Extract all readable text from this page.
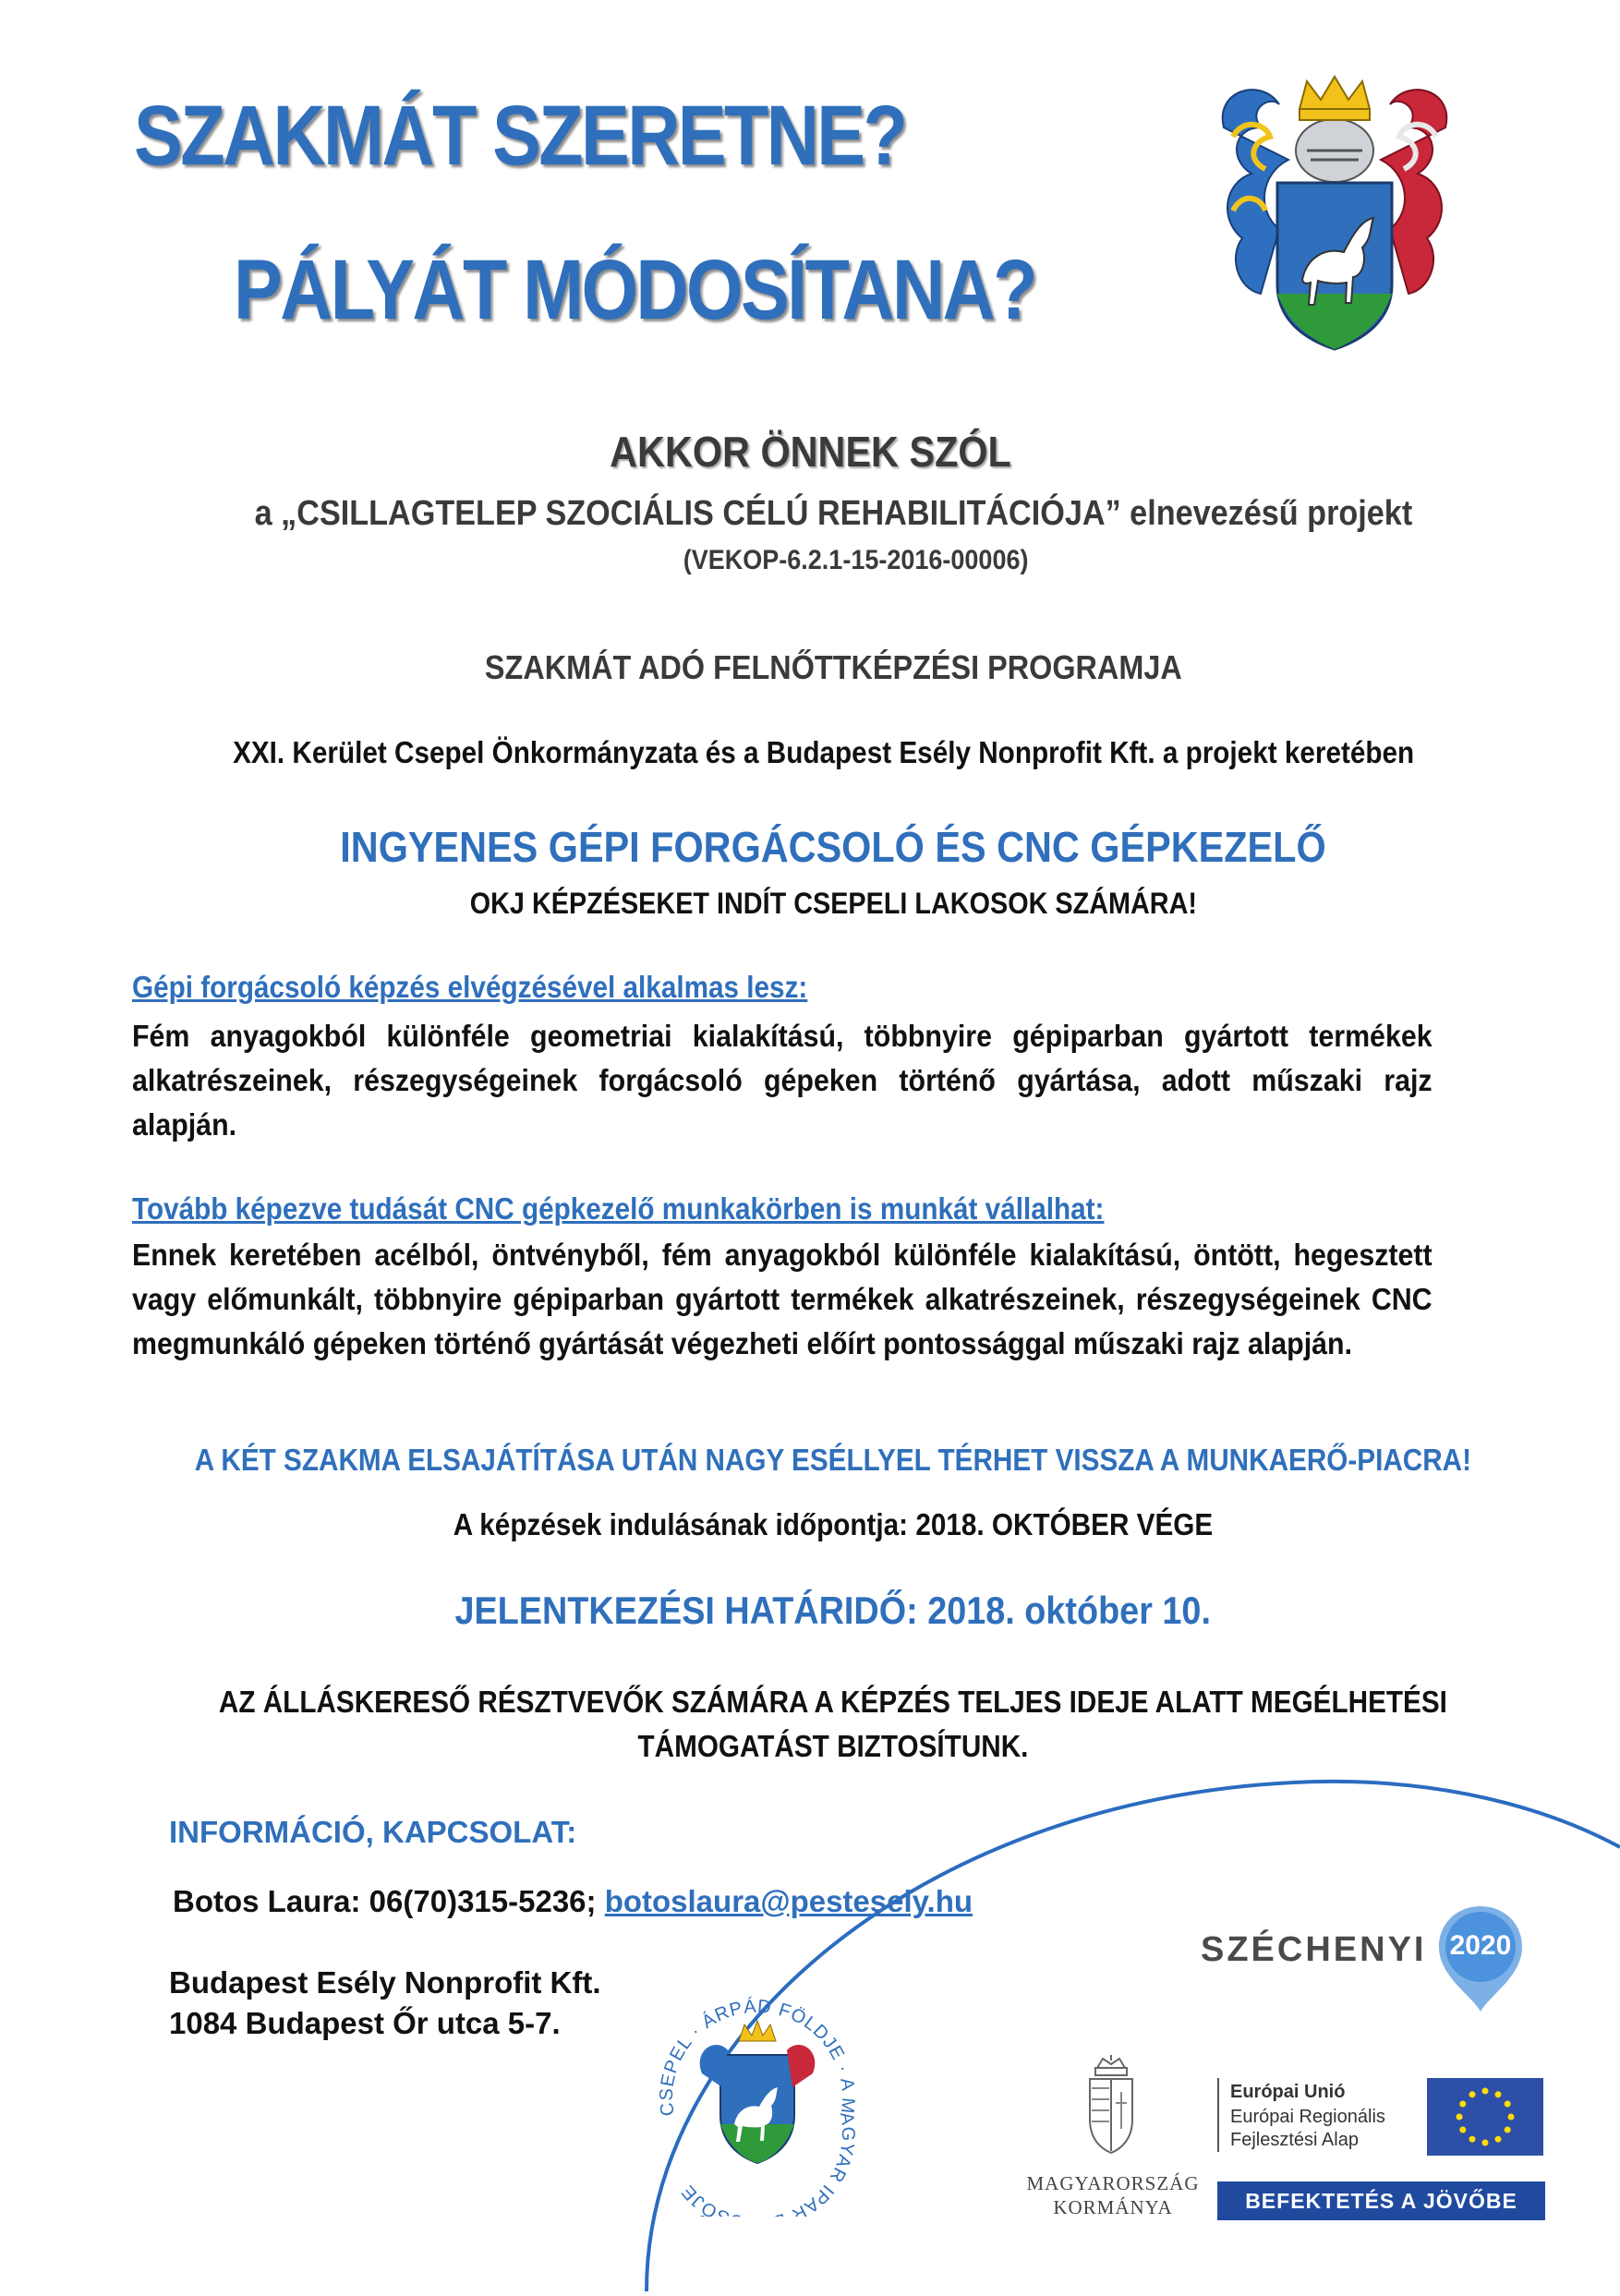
SZAKMÁT SZERETNE?
PÁLYÁT MÓDOSÍTANA?
AKKOR ÖNNEK SZÓL
a „CSILLAGTELEP SZOCIÁLIS CÉLÚ REHABILITÁCIÓJA” elnevezésű projekt
(VEKOP-6.2.1-15-2016-00006)
SZAKMÁT ADÓ FELNŐTTKÉPZÉSI PROGRAMJA
XXI. Kerület Csepel Önkormányzata és a Budapest Esély Nonprofit Kft. a projekt keretében
INGYENES GÉPI FORGÁCSOLÓ ÉS CNC GÉPKEZELŐ
OKJ KÉPZÉSEKET INDÍT CSEPELI LAKOSOK SZÁMÁRA!
Gépi forgácsoló képzés elvégzésével alkalmas lesz:
Fém anyagokból különféle geometriai kialakítású, többnyire gépiparban gyártott termékek alkatrészeinek, részegységeinek forgácsoló gépeken történő gyártása, adott műszaki rajz alapján.
Tovább képezve tudását CNC gépkezelő munkakörben is munkát vállalhat:
Ennek keretében acélból, öntvényből, fém anyagokból különféle kialakítású, öntött, hegesztett vagy előmunkált, többnyire gépiparban gyártott termékek alkatrészeinek, részegységeinek CNC megmunkáló gépeken történő gyártását végezheti előírt pontossággal műszaki rajz alapján.
A KÉT SZAKMA ELSAJÁTÍTÁSA UTÁN NAGY ESÉLLYEL TÉRHET VISSZA A MUNKAERŐ-PIACRA!
A képzések indulásának időpontja: 2018. OKTÓBER VÉGE
JELENTKEZÉSI HATÁRIDŐ: 2018. október 10.
AZ ÁLLÁSKERESŐ RÉSZTVEVŐK SZÁMÁRA A KÉPZÉS TELJES IDEJE ALATT MEGÉLHETÉSI
TÁMOGATÁST BIZTOSÍTUNK.
INFORMÁCIÓ, KAPCSOLAT:
Botos Laura: 06(70)315-5236; botoslaura@pestesely.hu
Budapest Esély Nonprofit Kft.
1084 Budapest Őr utca 5-7.
CSEPEL · ÁRPÁD FÖLDJE · A MAGYAR IPAR SŐJE
SZÉCHENYI 2020
MAGYARORSZÁG
KORMÁNYA
Európai Unió
Európai Regionális
Fejlesztési Alap
BEFEKTETÉS A JÖVŐBE
